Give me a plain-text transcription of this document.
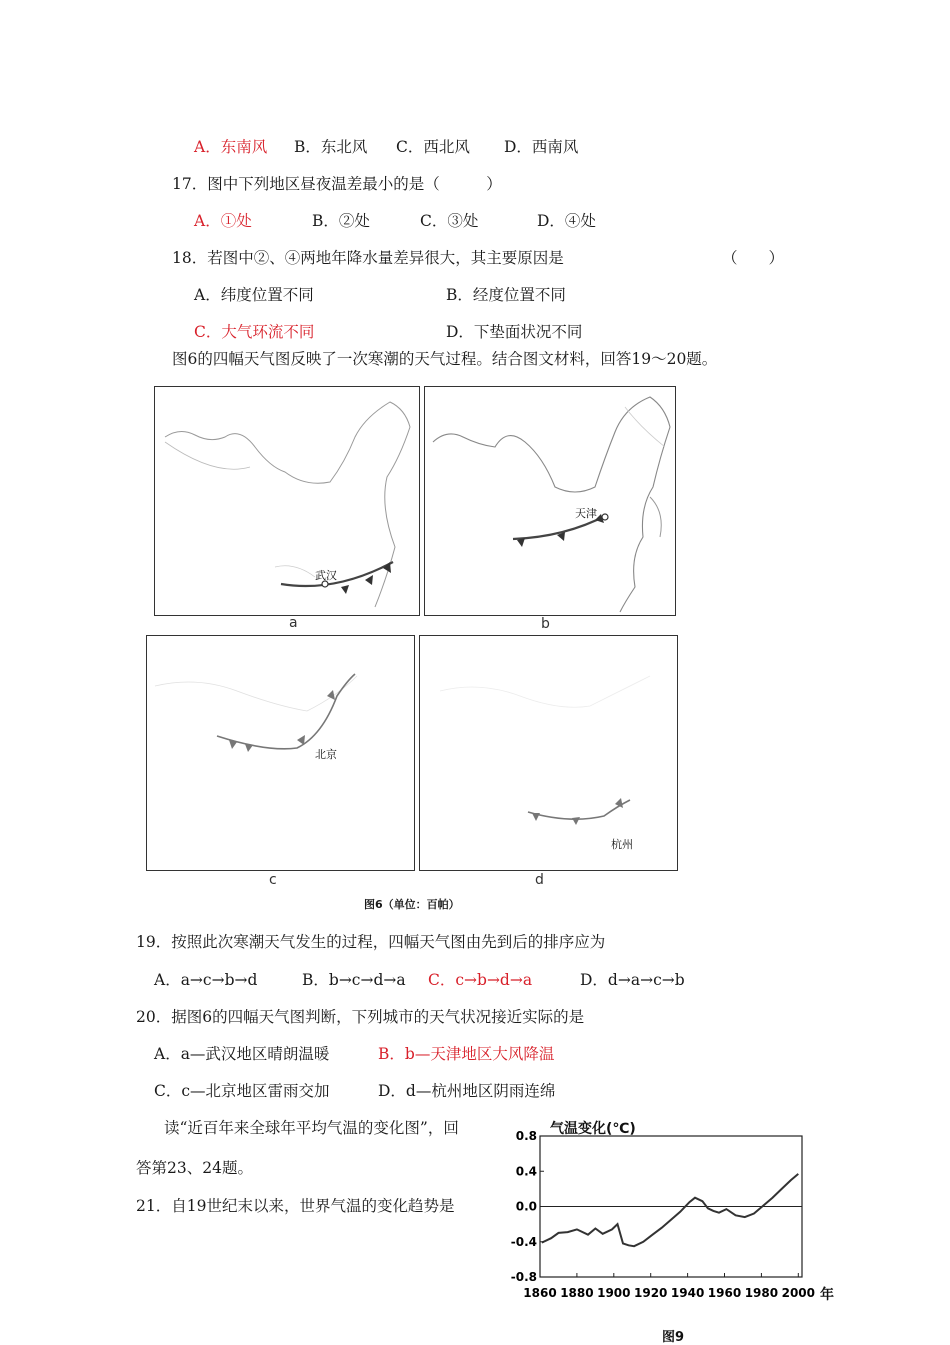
A．东南风 B．东北风 C．西北风 D．西南风
17．图中下列地区昼夜温差最小的是（　　　）
A．①处	B．②处	C．③处	D．④处
18．若图中②、④两地年降水量差异很大，其主要原因是	（　　）
A．纬度位置不同	B．经度位置不同
C．大气环流不同	D．下垫面状况不同
图6的四幅天气图反映了一次寒潮的天气过程。结合图文材料，回答19～20题。
武汉
a
天津
b
北京
c
杭州
d
图6（单位：百帕）
19．按照此次寒潮天气发生的过程，四幅天气图由先到后的排序应为
A．a→c→b→d	B．b→c→d→a C．c→b→d→a	D．d→a→c→b
20．据图6的四幅天气图判断，下列城市的天气状况接近实际的是
A．a—武汉地区晴朗温暖	B．b—天津地区大风降温
C．c—北京地区雷雨交加	D．d—杭州地区阴雨连绵
读“近百年来全球年平均气温的变化图”，回
答第23、24题。
21．自19世纪末以来，世界气温的变化趋势是
气温变化(℃)
0.8
0.4
0.0
-0.4
-0.8
1860 1880 1900 1920 1940 1960 1980 2000 年
图9
